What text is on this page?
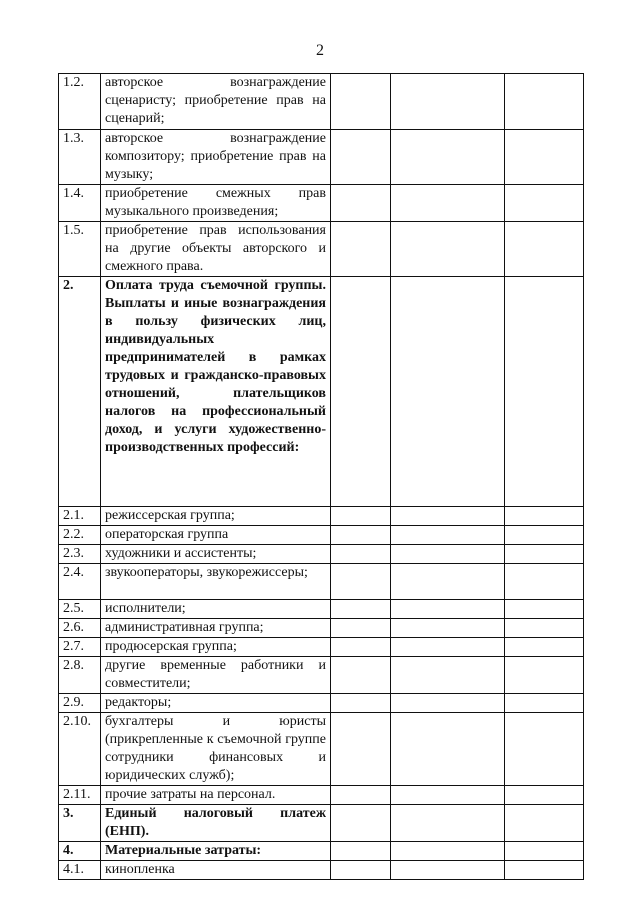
2
1.2.	авторское вознаграждение сценаристу; приобретение прав на сценарий;			
1.3.	авторское вознаграждение композитору; приобретение прав на музыку;			
1.4.	приобретение смежных прав музыкального произведения;			
1.5.	приобретение прав использования на другие объекты авторского и смежного права.			
2.	Оплата труда съемочной группы. Выплаты и иные вознаграждения в пользу физических лиц, индивидуальных предпринимателей в рамках трудовых и гражданско-правовых отношений, плательщиков налогов на профессиональный доход, и услуги художественно-производственных профессий:			
2.1.	режиссерская группа;			
2.2.	операторская группа			
2.3.	художники и ассистенты;			
2.4.	звукооператоры, звукорежиссеры;			
2.5.	исполнители;			
2.6.	административная группа;			
2.7.	продюсерская группа;			
2.8.	другие временные работники и совместители;			
2.9.	редакторы;			
2.10.	бухгалтеры и юристы (прикрепленные к съемочной группе сотрудники финансовых и юридических служб);			
2.11.	прочие затраты на персонал.			
3.	Единый налоговый платеж (ЕНП).			
4.	Материальные затраты:			
4.1.	кинопленка			
